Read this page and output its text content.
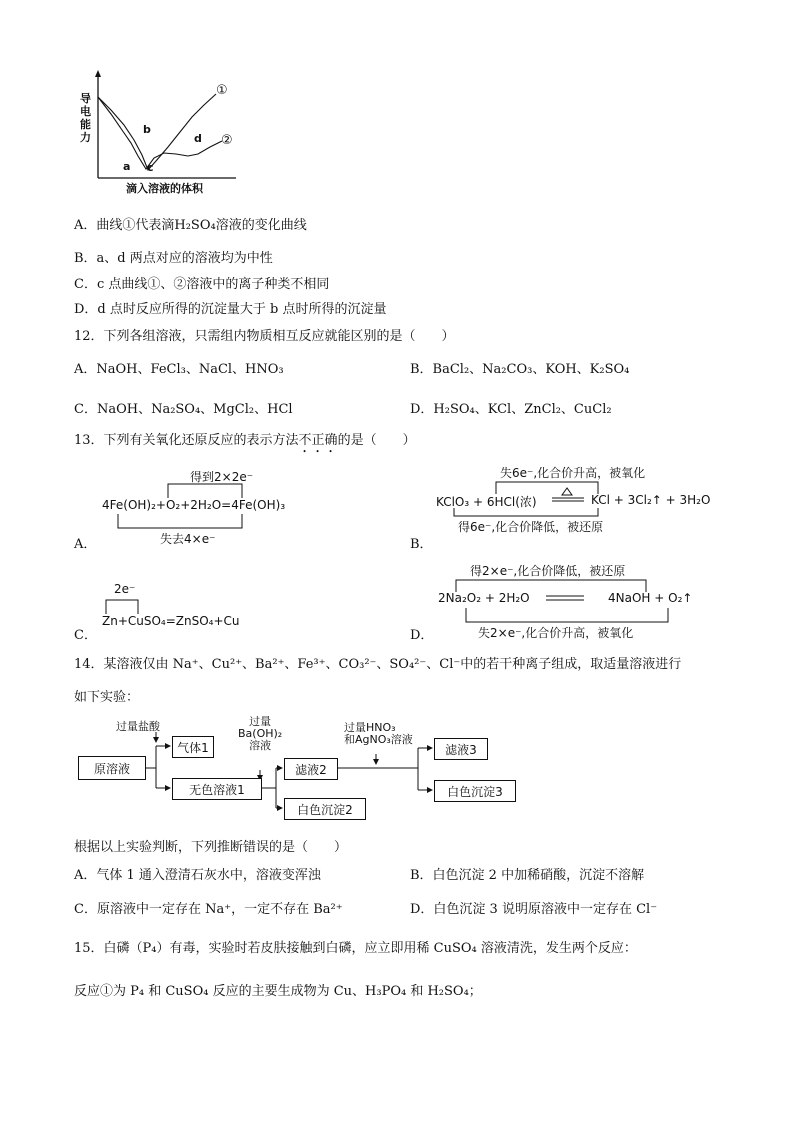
导
电
能
力
滴入溶液的体积
a
b
c
d
①
②
A．曲线①代表滴H₂SO₄溶液的变化曲线
B．a、d 两点对应的溶液均为中性
C．c 点曲线①、②溶液中的离子种类不相同
D．d 点时反应所得的沉淀量大于 b 点时所得的沉淀量
12．下列各组溶液，只需组内物质相互反应就能区别的是（　　）
A．NaOH、FeCl₃、NaCl、HNO₃	B．BaCl₂、Na₂CO₃、KOH、K₂SO₄
C．NaOH、Na₂SO₄、MgCl₂、HCl	D．H₂SO₄、KCl、ZnCl₂、CuCl₂
13．下列有关氧化还原反应的表示方法不正确的是（　　）
A．
得到2×2e⁻
4Fe(OH)₂+O₂+2H₂O=4Fe(OH)₃
失去4×e⁻	B．
失6e⁻,化合价升高，被氧化
KClO₃ + 6HCl(浓)	KCl + 3Cl₂↑ + 3H₂O
得6e⁻,化合价降低，被还原
C．
2e⁻
Zn+CuSO₄=ZnSO₄+Cu
D．
得2×e⁻,化合价降低，被还原
2Na₂O₂ + 2H₂O	4NaOH + O₂↑
失2×e⁻,化合价升高，被氧化
14．某溶液仅由 Na⁺、Cu²⁺、Ba²⁺、Fe³⁺、CO₃²⁻、SO₄²⁻、Cl⁻中的若干种离子组成，取适量溶液进行
如下实验：
原溶液
气体1
无色溶液1
滤液2
白色沉淀2
滤液3
白色沉淀3
过量盐酸	过量
Ba(OH)₂
溶液
过量HNO₃
和AgNO₃溶液
根据以上实验判断，下列推断错误的是（　　）
A．气体 1 通入澄清石灰水中，溶液变浑浊	B．白色沉淀 2 中加稀硝酸，沉淀不溶解
C．原溶液中一定存在 Na⁺，一定不存在 Ba²⁺	D．白色沉淀 3 说明原溶液中一定存在 Cl⁻
15．白磷（P₄）有毒，实验时若皮肤接触到白磷，应立即用稀 CuSO₄ 溶液清洗，发生两个反应：
反应①为 P₄ 和 CuSO₄ 反应的主要生成物为 Cu、H₃PO₄ 和 H₂SO₄；
